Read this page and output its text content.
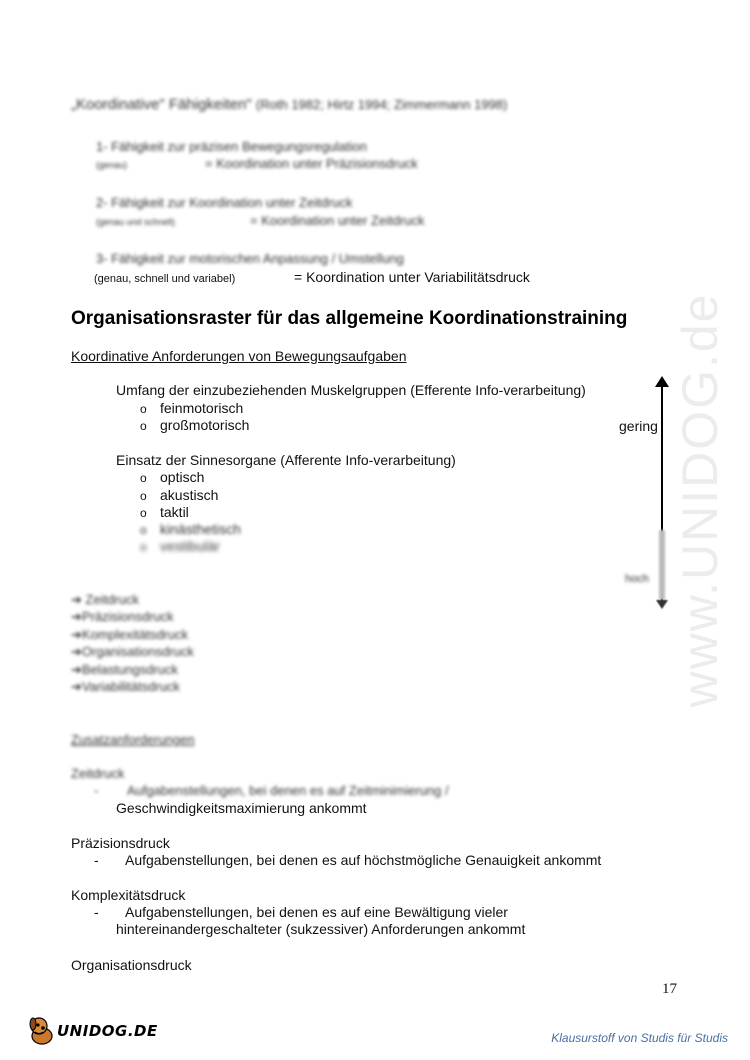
www.UNIDOG.de
„Koordinative" Fähigkeiten" (Roth 1982; Hirtz 1994; Zimmermann 1998)
1- Fähigkeit zur präzisen Bewegungsregulation
(genau)	= Koordination unter Präzisionsdruck
2- Fähigkeit zur Koordination unter Zeitdruck
(genau und schnell)	= Koordination unter Zeitdruck
3- Fähigkeit zur motorischen Anpassung / Umstellung
(genau, schnell und variabel)	= Koordination unter Variabilitätsdruck
Organisationsraster für das allgemeine Koordinationstraining
Koordinative Anforderungen von Bewegungsaufgaben
Umfang der einzubeziehenden Muskelgruppen (Efferente Info-verarbeitung)
o feinmotorisch
o großmotorisch	gering
Einsatz der Sinnesorgane (Afferente Info-verarbeitung)
o optisch
o akustisch
o taktil
o kinästhetisch
o vestibulär
hoch
➔ Zeitdruck
➔Präzisionsdruck
➔Komplexitätsdruck
➔Organisationsdruck
➔Belastungsdruck
➔Variabilitätsdruck
Zusatzanforderungen
Zeitdruck
- Aufgabenstellungen, bei denen es auf Zeitminimierung /
Geschwindigkeitsmaximierung ankommt
Präzisionsdruck
- Aufgabenstellungen, bei denen es auf höchstmögliche Genauigkeit ankommt
Komplexitätsdruck
- Aufgabenstellungen, bei denen es auf eine Bewältigung vieler
hintereinandergeschalteter (sukzessiver) Anforderungen ankommt
Organisationsdruck
17
UNIDOG.DE	Klausurstoff von Studis für Studis
